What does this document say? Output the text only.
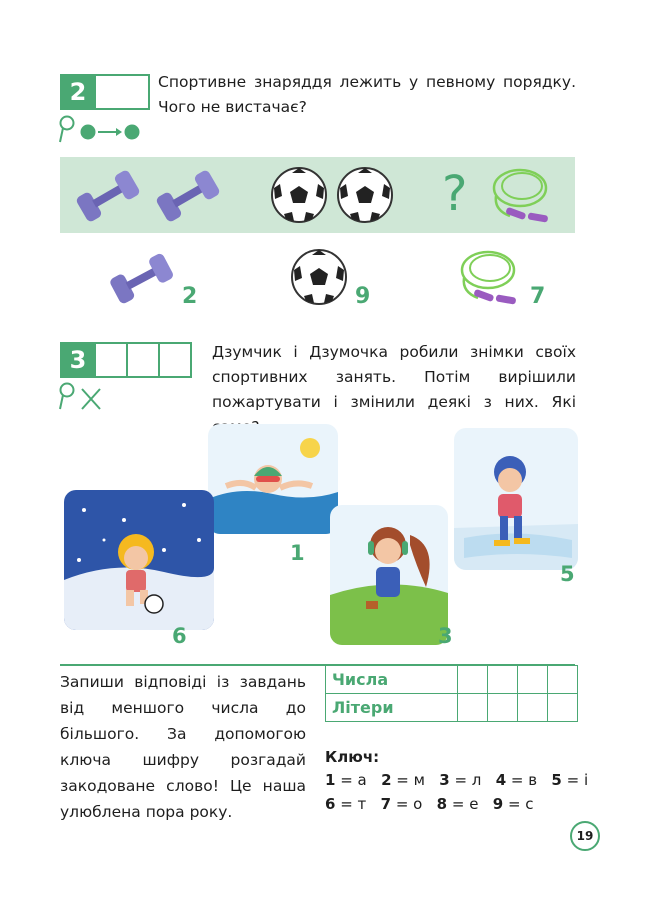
2	Спортивне знаряддя лежить у певному порядку. Чого не вистачає?
?
2	9	7
3	Дзумчик і Дзумочка робили знімки своїх спортивних занять. Потім вирішили пожартувати і змінили деякі з них. Які
1
6	3
5
Запиши відповіді із завдань від меншого числа до більшого. За допомогою ключа шифру розгадай закодоване слово! Це наша улюблена пора року.
Числа				
Літери				
Ключ:
1 = а 2 = м 3 = л 4 = в 5 = і
6 = т 7 = о 8 = е 9 = с
19
